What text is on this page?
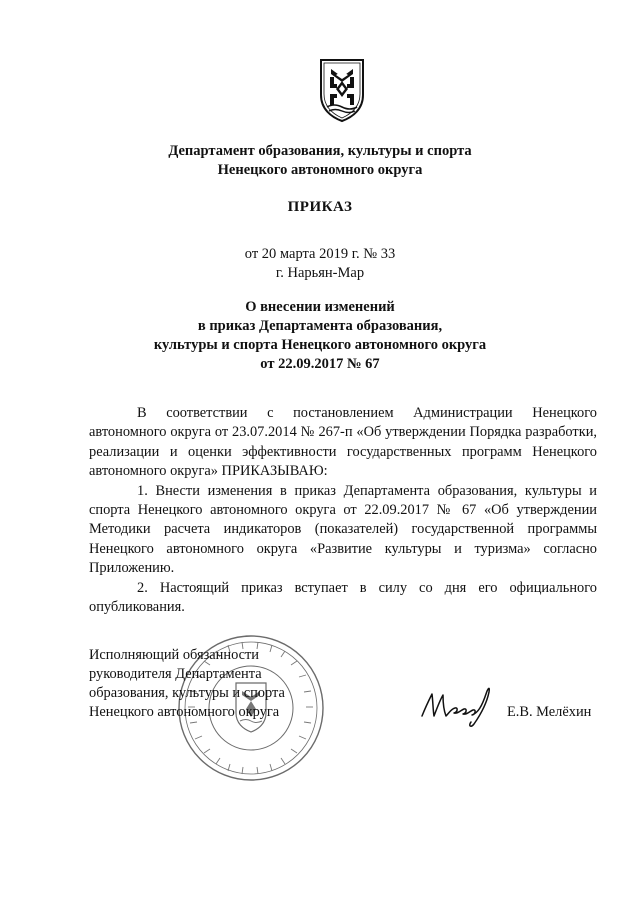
Департамент образования, культуры и спорта
Ненецкого автономного округа
ПРИКАЗ
от 20 марта 2019 г. № 33
г. Нарьян-Мар
О внесении изменений
в приказ Департамента образования,
культуры и спорта Ненецкого автономного округа
от 22.09.2017 № 67

В соответствии с постановлением Администрации Ненецкого автономного округа от 23.07.2014 № 267-п «Об утверждении Порядка разработки, реализации и оценки эффективности государственных программ Ненецкого автономного округа» ПРИКАЗЫВАЮ:

1. Внести изменения в приказ Департамента образования, культуры и спорта Ненецкого автономного округа от 22.09.2017 № 67 «Об утверждении Методики расчета индикаторов (показателей) государственной программы Ненецкого автономного округа «Развитие культуры и туризма» согласно Приложению.

2. Настоящий приказ вступает в силу со дня его официального опубликования.

Исполняющий обязанности
руководителя Департамента
образования, культуры и спорта
Ненецкого автономного округа	Е.В. Мелёхин
